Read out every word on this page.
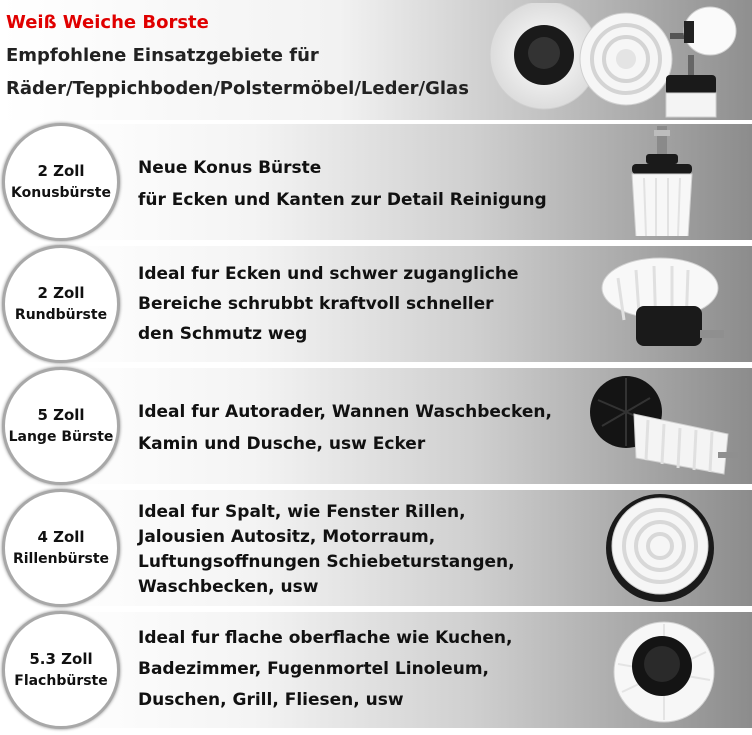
Weiß Weiche Borste
Empfohlene Einsatzgebiete für
Räder/Teppichboden/Polstermöbel/Leder/Glas
2 Zoll
Konusbürste
Neue Konus Bürste
für Ecken und Kanten zur Detail Reinigung
2 Zoll
Rundbürste
Ideal fur Ecken und schwer zugangliche
Bereiche schrubbt kraftvoll schneller
den Schmutz weg
5 Zoll
Lange Bürste
Ideal fur Autorader, Wannen Waschbecken,
Kamin und Dusche, usw Ecker
4 Zoll
Rillenbürste
Ideal fur Spalt, wie Fenster Rillen,
Jalousien Autositz, Motorraum,
Luftungsoffnungen Schiebeturstangen,
Waschbecken, usw
5.3 Zoll
Flachbürste
Ideal fur flache oberflache wie Kuchen,
Badezimmer, Fugenmortel Linoleum,
Duschen, Grill, Fliesen, usw
